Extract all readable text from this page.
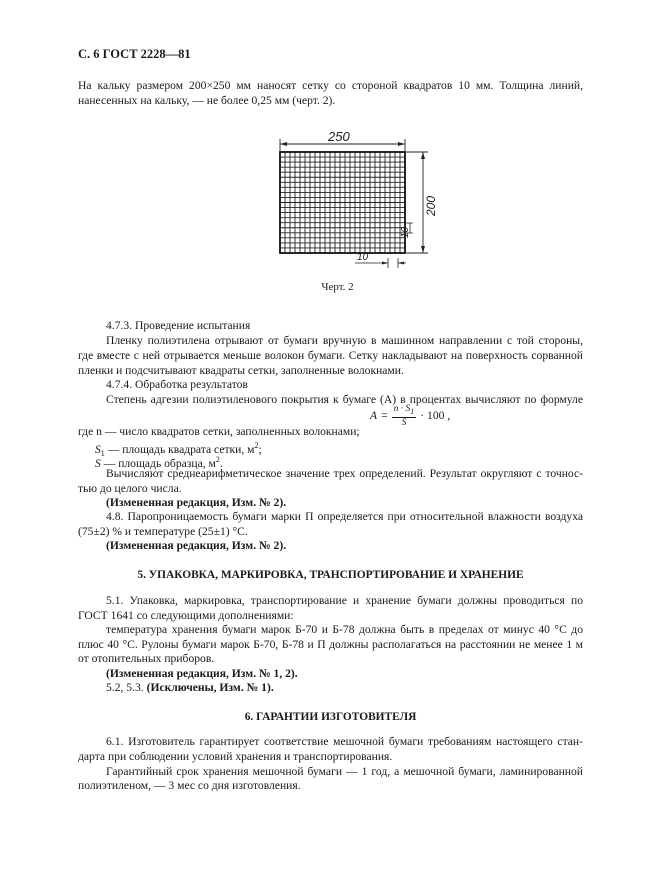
С. 6 ГОСТ 2228—81
На кальку размером 200×250 мм наносят сетку со стороной квадратов 10 мм. Толщина линий,
нанесенных на кальку, — не более 0,25 мм (черт. 2).
250
200
10
10
Черт. 2
4.7.3. Проведение испытания
Пленку полиэтилена отрывают от бумаги вручную в машинном направлении с той стороны,
где вместе с ней отрывается меньше волокон бумаги. Сетку накладывают на поверхность сорванной
пленки и подсчитывают квадраты сетки, заполненные волокнами.
4.7.4. Обработка результатов
Степень адгезии полиэтиленового покрытия к бумаге (A) в процентах вычисляют по формуле
$A = \frac{n \cdot S_1}{S} \cdot 100$ ,
где n — число квадратов сетки, заполненных волокнами;
$S_1$ — площадь квадрата сетки, $м^2$;
S — площадь образца, $м^2$.
Вычисляют среднеарифметическое значение трех определений. Результат округляют с точнос-
тью до целого числа.
(Измененная редакция, Изм. № 2).
4.8. Паропроницаемость бумаги марки П определяется при относительной влажности воздуха
(75±2) % и температуре (25±1) °С.
(Измененная редакция, Изм. № 2).
5. УПАКОВКА, МАРКИРОВКА, ТРАНСПОРТИРОВАНИЕ И ХРАНЕНИЕ
5.1. Упаковка, маркировка, транспортирование и хранение бумаги должны проводиться по
ГОСТ 1641 со следующими дополнениями:
температура хранения бумаги марок Б-70 и Б-78 должна быть в пределах от минус 40 °С до
плюс 40 °С. Рулоны бумаги марок Б-70, Б-78 и П должны располагаться на расстоянии не менее 1 м
от отопительных приборов.
(Измененная редакция, Изм. № 1, 2).
5.2, 5.3. (Исключены, Изм. № 1).
6. ГАРАНТИИ ИЗГОТОВИТЕЛЯ
6.1. Изготовитель гарантирует соответствие мешочной бумаги требованиям настоящего стан-
дарта при соблюдении условий хранения и транспортирования.
Гарантийный срок хранения мешочной бумаги — 1 год, а мешочной бумаги, ламинированной
полиэтиленом, — 3 мес со дня изготовления.
